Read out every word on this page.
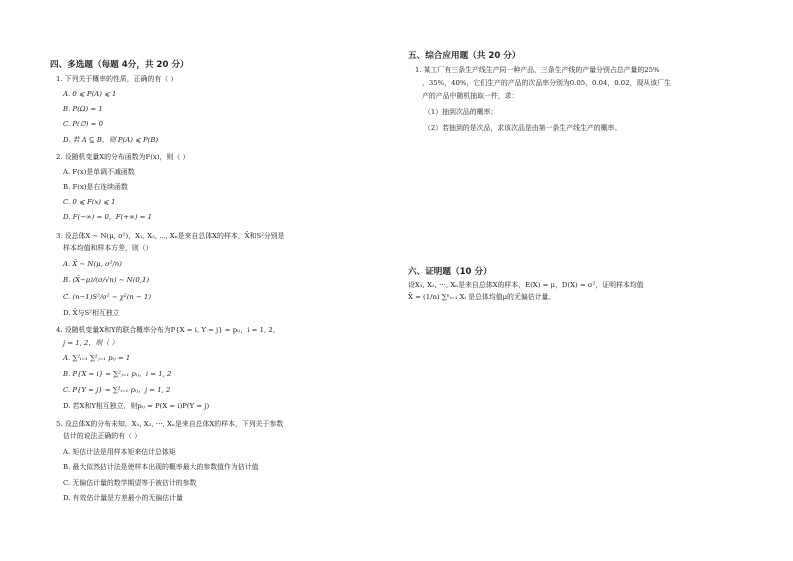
四、多选题（每题 4分，共 20 分）
1. 下列关于概率的性质，正确的有（ ）
A. 0 ⩽ P(A) ⩽ 1
B. P(Ω) = 1
C. P(∅) = 0
D. 若 A ⊆ B，则 P(A) ⩽ P(B)
2. 设随机变量X的分布函数为F(x)，则（ ）
A. F(x)是单调不减函数
B. F(x)是右连续函数
C. 0 ⩽ F(x) ⩽ 1
D. F(−∞) = 0，F(+∞) = 1
3. 设总体X ∼ N(μ, σ²)，X₁, X₂, ⋯, Xₙ是来自总体X的样本，X̄和S²分别是
样本均值和样本方差，则（）
A. X̄ ∼ N(μ, σ²/n)
B. (X̄−μ)/(σ/√n) ∼ N(0,1)
C. (n−1)S²/σ² ∼ χ²(n − 1)
D. X̄与S²相互独立
4. 设随机变量X和Y的联合概率分布为P{X = i, Y = j} = pᵢⱼ，i = 1, 2，
j = 1, 2，则（ ）
A. ∑²ᵢ₌₁ ∑²ⱼ₌₁ pᵢⱼ = 1
B. P{X = i} = ∑²ⱼ₌₁ pᵢⱼ，i = 1, 2
C. P{Y = j} = ∑²ᵢ₌₁ pᵢⱼ，j = 1, 2
D. 若X和Y相互独立，则pᵢⱼ = P(X = i)P(Y = j)
5. 设总体X的分布未知，X₁, X₂, ⋯, Xₙ是来自总体X的样本，下列关于参数
估计的说法正确的有（ ）
A. 矩估计法是用样本矩来估计总体矩
B. 最大似然估计法是使样本出现的概率最大的参数值作为估计值
C. 无偏估计量的数学期望等于被估计的参数
D. 有效估计量是方差最小的无偏估计量
五、综合应用题（共 20 分）
1. 某工厂有三条生产线生产同一种产品，三条生产线的产量分别占总产量的25%
，35%，40%，它们生产的产品的次品率分别为0.05，0.04，0.02，现从该厂生
产的产品中随机抽取一件，求：
（1）抽到次品的概率；
（2）若抽到的是次品，求该次品是由第一条生产线生产的概率。
六、证明题（10 分）
设X₁, X₂, ⋯, Xₙ是来自总体X的样本，E(X) = μ，D(X) = σ²，证明样本均值
X̄ = (1/n) ∑ⁿᵢ₌₁ Xᵢ 是总体均值μ的无偏估计量。
